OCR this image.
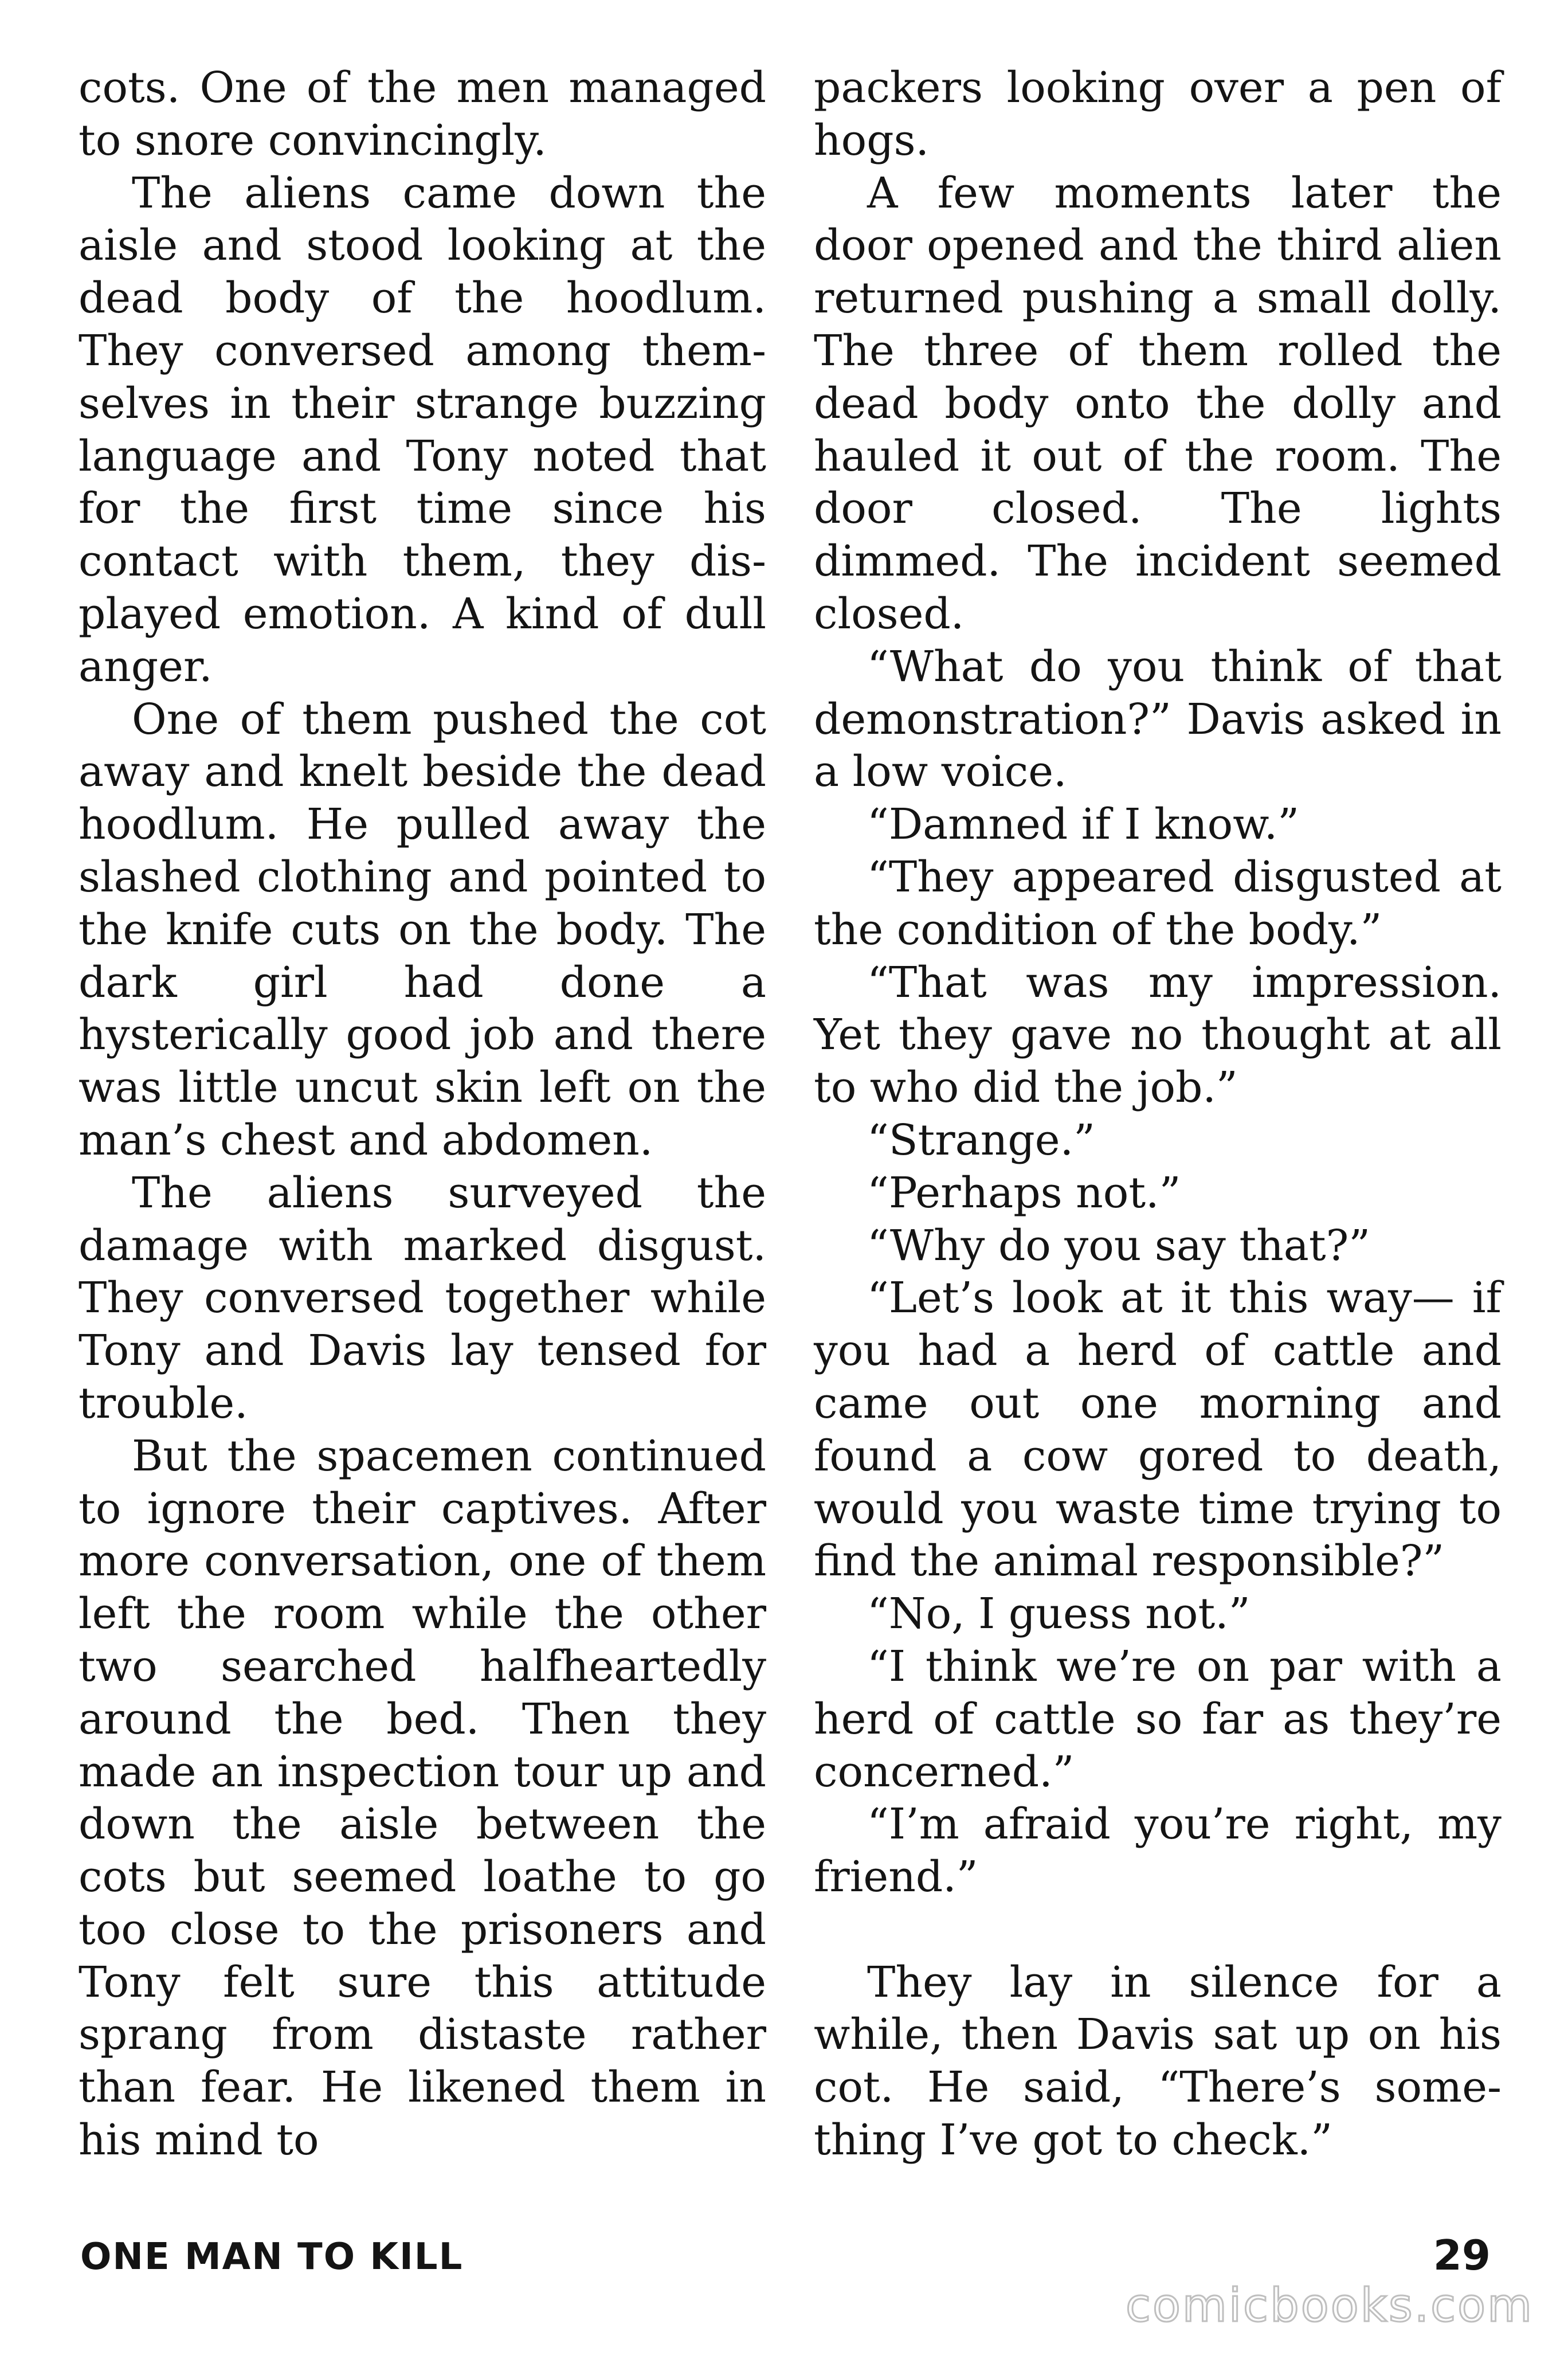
cots. One of the men managed to snore convincingly.

The aliens came down the aisle and stood looking at the dead body of the hoodlum. They conversed among themselves in their strange buzzing language and Tony noted that for the first time since his contact with them, they displayed emotion. A kind of dull anger.

One of them pushed the cot away and knelt beside the dead hoodlum. He pulled away the slashed clothing and pointed to the knife cuts on the body. The dark girl had done a hysterically good job and there was little uncut skin left on the man’s chest and abdomen.

The aliens surveyed the damage with marked disgust. They conversed together while Tony and Davis lay tensed for trouble.

But the spacemen continued to ignore their captives. After more conversation, one of them left the room while the other two searched halfheartedly around the bed. Then they made an inspection tour up and down the aisle between the cots but seemed loathe to go too close to the prisoners and Tony felt sure this attitude sprang from distaste rather than fear. He likened them in his mind to

packers looking over a pen of hogs.

A few moments later the door opened and the third alien returned pushing a small dolly. The three of them rolled the dead body onto the dolly and hauled it out of the room. The door closed. The lights dimmed. The incident seemed closed.

“What do you think of that demonstration?” Davis asked in a low voice.

“Damned if I know.”

“They appeared disgusted at the condition of the body.”

“That was my impression. Yet they gave no thought at all to who did the job.”

“Strange.”

“Perhaps not.”

“Why do you say that?”

“Let’s look at it this way— if you had a herd of cattle and came out one morning and found a cow gored to death, would you waste time trying to find the animal responsible?”

“No, I guess not.”

“I think we’re on par with a herd of cattle so far as they’re concerned.”

“I’m afraid you’re right, my friend.”

They lay in silence for a while, then Davis sat up on his cot. He said, “There’s something I’ve got to check.”

ONE MAN TO KILL	29
comicbooks.com
